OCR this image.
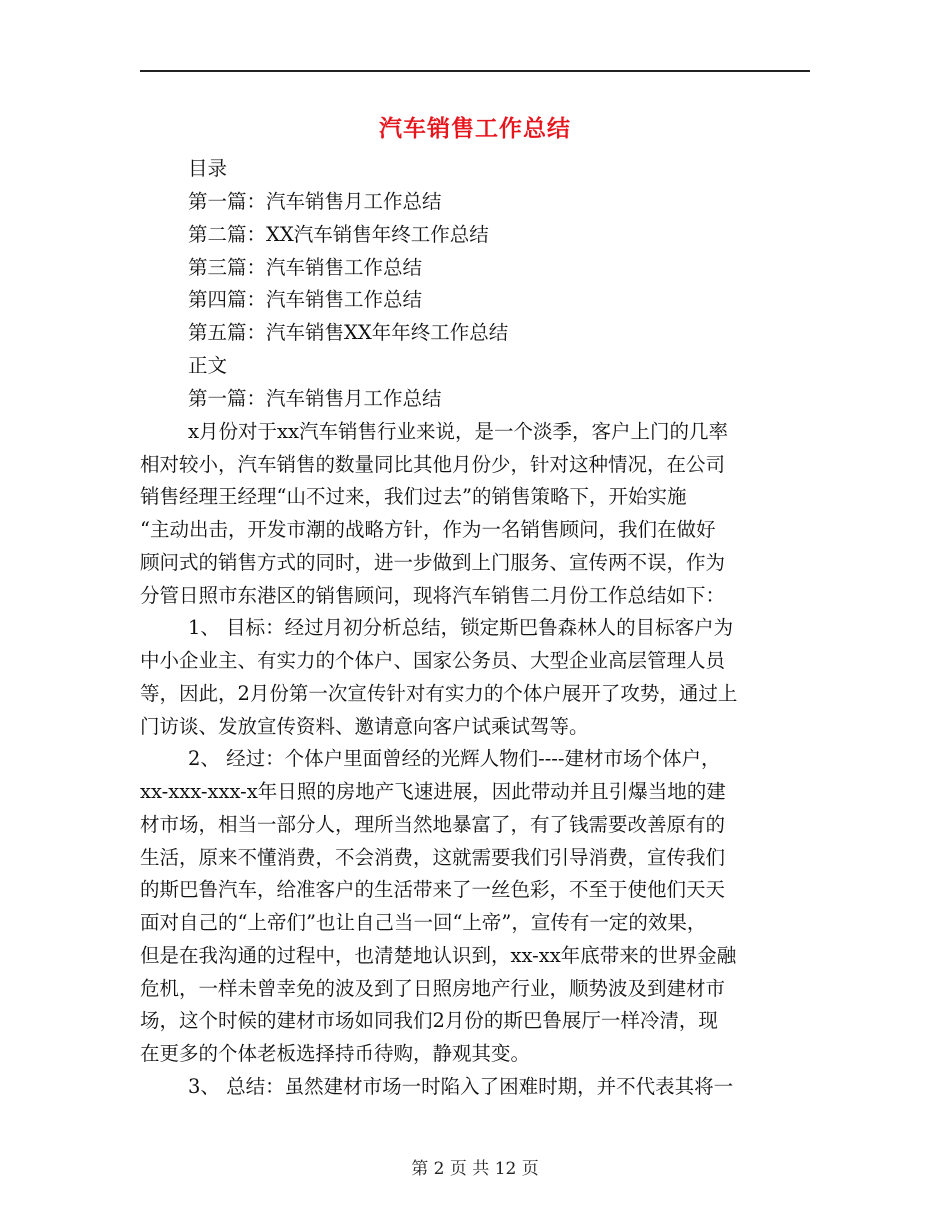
汽车销售工作总结
目录
第一篇：汽车销售月工作总结
第二篇：XX汽车销售年终工作总结
第三篇：汽车销售工作总结
第四篇：汽车销售工作总结
第五篇：汽车销售XX年年终工作总结
正文
第一篇：汽车销售月工作总结
x月份对于xx汽车销售行业来说，是一个淡季，客户上门的几率
相对较小，汽车销售的数量同比其他月份少，针对这种情况，在公司
销售经理王经理“山不过来，我们过去”的销售策略下，开始实施
“主动出击，开发市潮的战略方针，作为一名销售顾问，我们在做好
顾问式的销售方式的同时，进一步做到上门服务、宣传两不误，作为
分管日照市东港区的销售顾问，现将汽车销售二月份工作总结如下：
1、 目标：经过月初分析总结，锁定斯巴鲁森林人的目标客户为
中小企业主、有实力的个体户、国家公务员、大型企业高层管理人员
等，因此，2月份第一次宣传针对有实力的个体户展开了攻势，通过上
门访谈、发放宣传资料、邀请意向客户试乘试驾等。
2、 经过：个体户里面曾经的光辉人物们----建材市场个体户，
xx-xxx-xxx-x年日照的房地产飞速进展，因此带动并且引爆当地的建
材市场，相当一部分人，理所当然地暴富了，有了钱需要改善原有的
生活，原来不懂消费，不会消费，这就需要我们引导消费，宣传我们
的斯巴鲁汽车，给准客户的生活带来了一丝色彩，不至于使他们天天
面对自己的“上帝们”也让自己当一回“上帝”，宣传有一定的效果，
但是在我沟通的过程中，也清楚地认识到，xx-xx年底带来的世界金融
危机，一样未曾幸免的波及到了日照房地产行业，顺势波及到建材市
场，这个时候的建材市场如同我们2月份的斯巴鲁展厅一样冷清，现
在更多的个体老板选择持币待购，静观其变。
3、 总结：虽然建材市场一时陷入了困难时期，并不代表其将一
第 2 页 共 12 页
